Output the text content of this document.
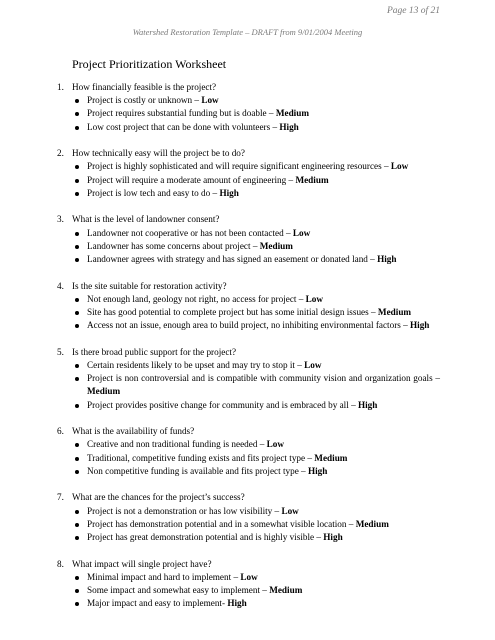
Page 13 of 21
Watershed Restoration Template – DRAFT from 9/01/2004 Meeting
Project Prioritization Worksheet
1. How financially feasible is the project?
Project is costly or unknown – Low
Project requires substantial funding but is doable – Medium
Low cost project that can be done with volunteers – High
2. How technically easy will the project be to do?
Project is highly sophisticated and will require significant engineering resources – Low
Project will require a moderate amount of engineering – Medium
Project is low tech and easy to do – High
3. What is the level of landowner consent?
Landowner not cooperative or has not been contacted – Low
Landowner has some concerns about project – Medium
Landowner agrees with strategy and has signed an easement or donated land – High
4. Is the site suitable for restoration activity?
Not enough land, geology not right, no access for project – Low
Site has good potential to complete project but has some initial design issues – Medium
Access not an issue, enough area to build project, no inhibiting environmental factors – High
5. Is there broad public support for the project?
Certain residents likely to be upset and may try to stop it – Low
Project is non controversial and is compatible with community vision and organization goals – Medium
Project provides positive change for community and is embraced by all – High
6. What is the availability of funds?
Creative and non traditional funding is needed – Low
Traditional, competitive funding exists and fits project type – Medium
Non competitive funding is available and fits project type – High
7. What are the chances for the project’s success?
Project is not a demonstration or has low visibility – Low
Project has demonstration potential and in a somewhat visible location – Medium
Project has great demonstration potential and is highly visible – High
8. What impact will single project have?
Minimal impact and hard to implement – Low
Some impact and somewhat easy to implement – Medium
Major impact and easy to implement- High
